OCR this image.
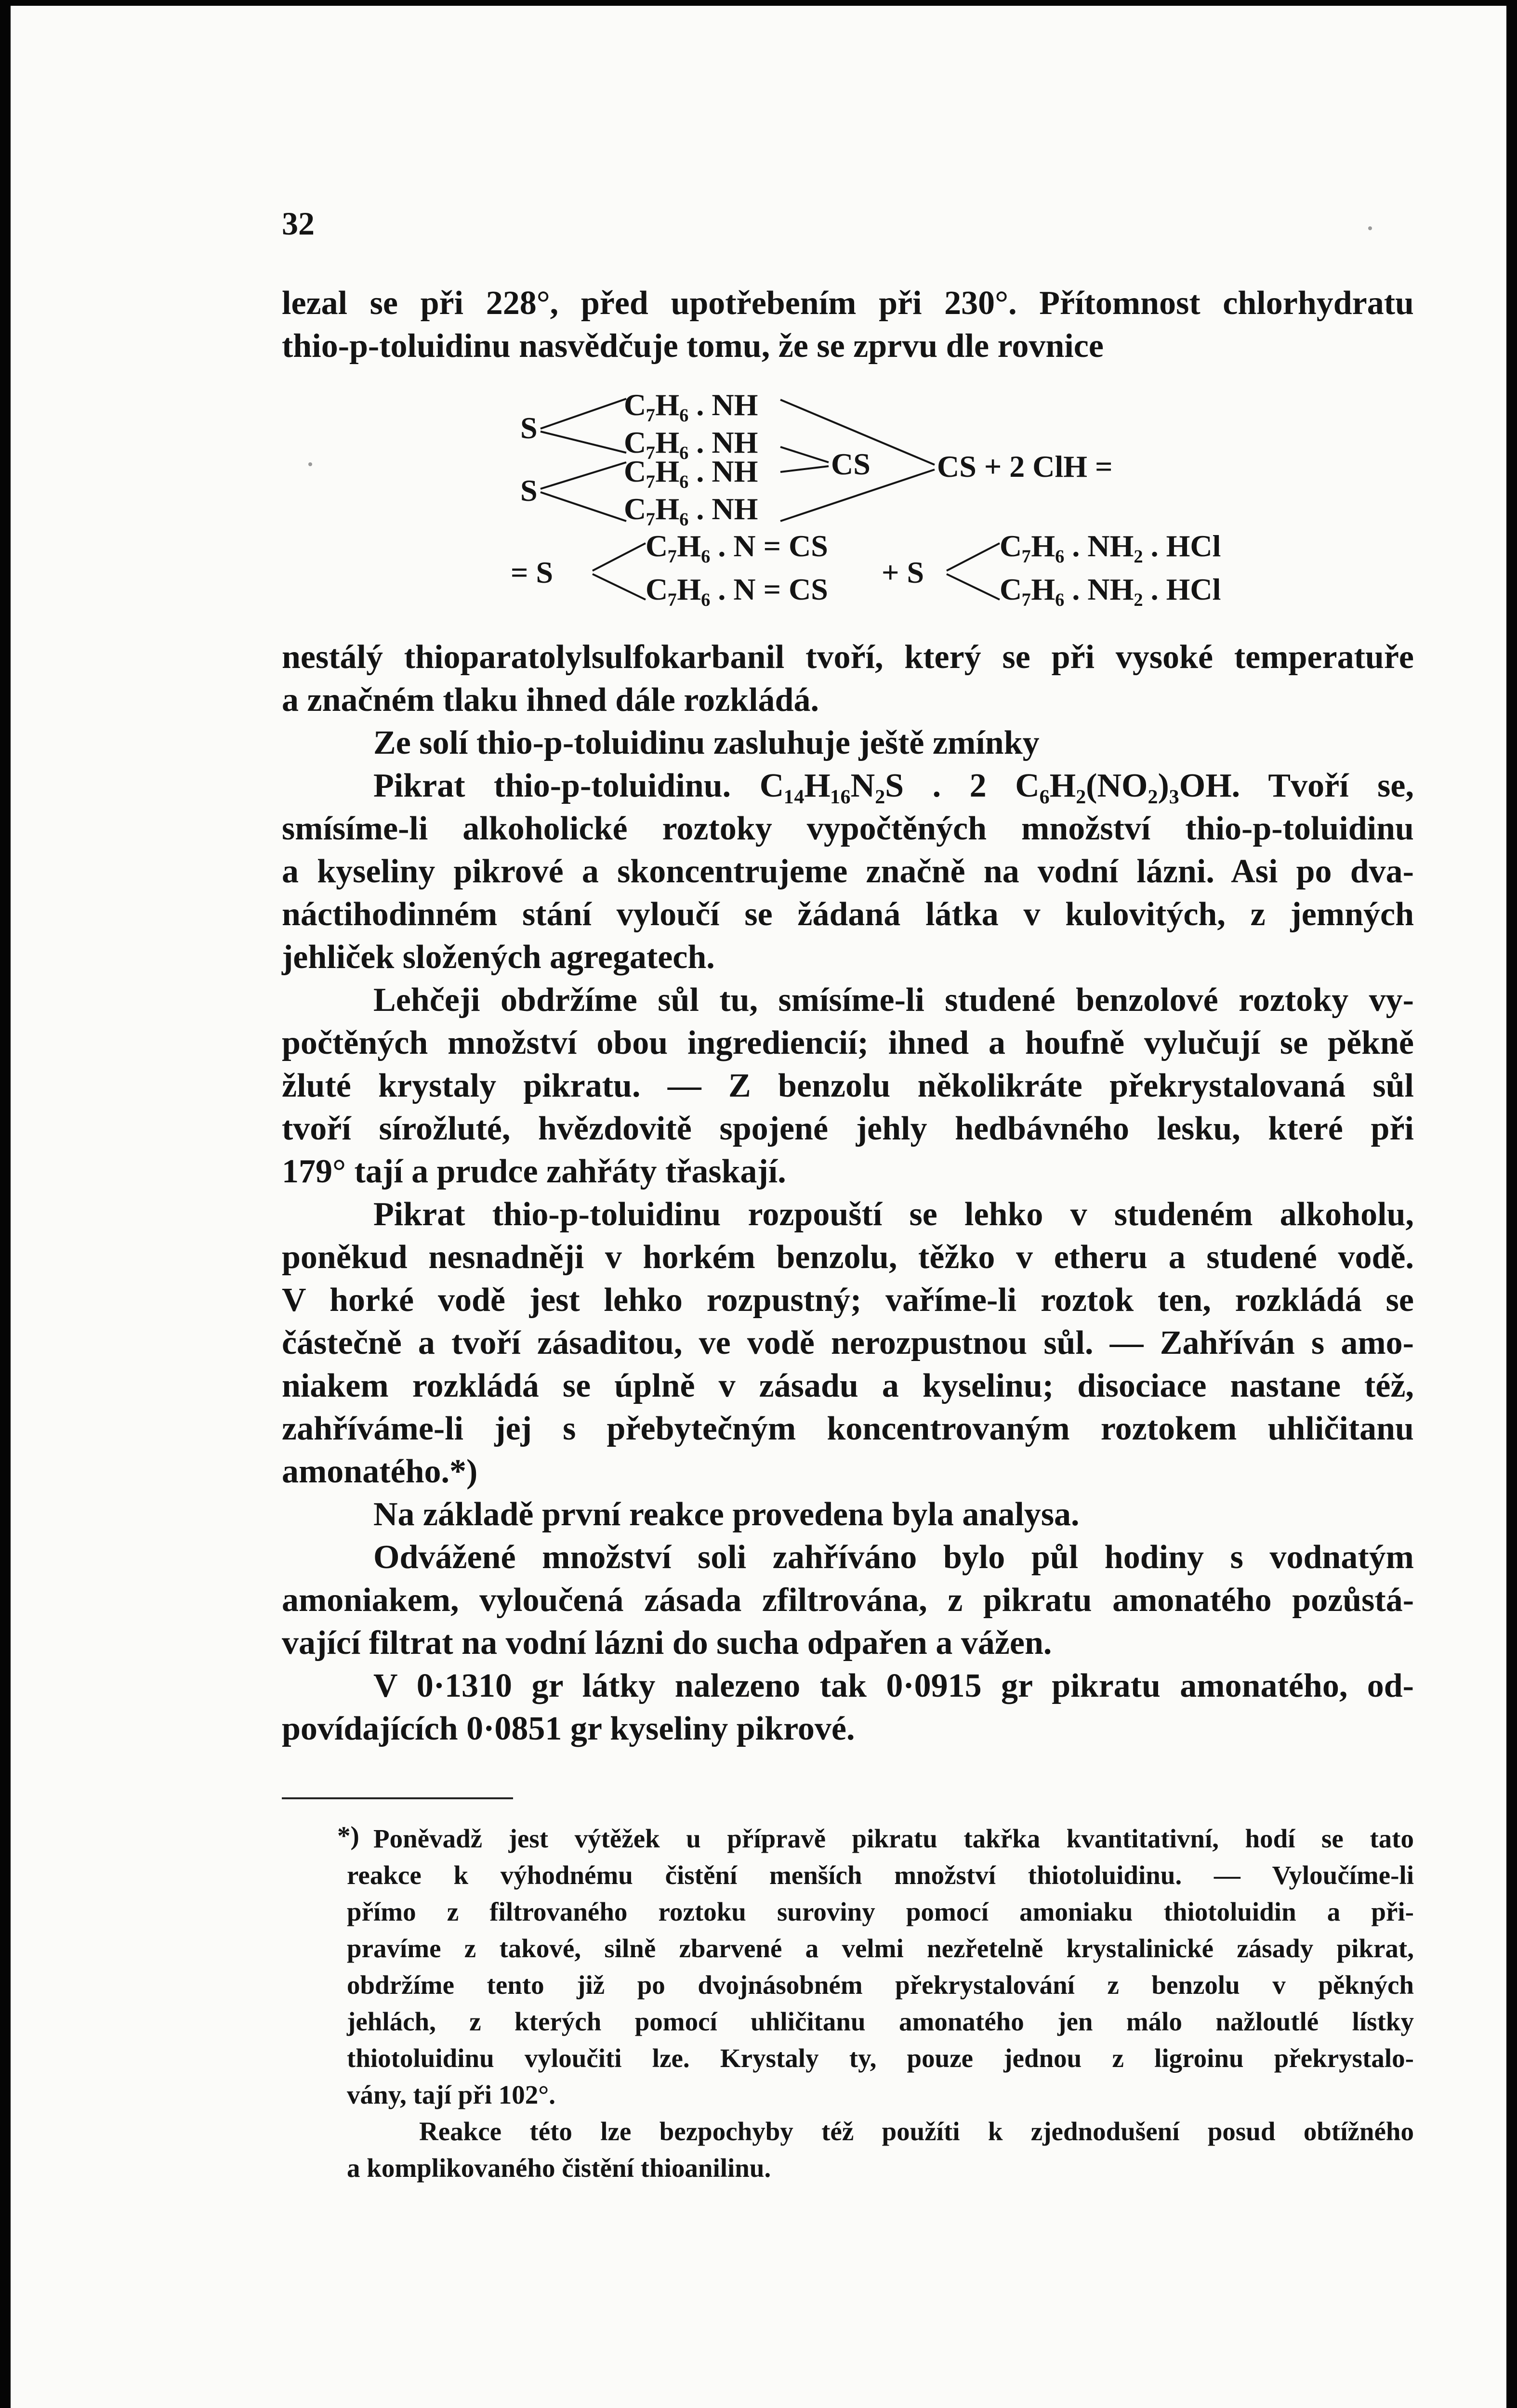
32

lezal se při 228°, před upotřebením při 230°. Přítomnost chlorhydratu

thio-p-toluidinu nasvědčuje tomu, že se zprvu dle rovnice

S
C₇H₆ . NH
C₇H₆ . NH
S
C₇H₆ . NH
C₇H₆ . NH
CS CS + 2 ClH =
= S
C₇H₆ . N = CS
C₇H₆ . N = CS + S
C₇H₆ . NH₂ . HCl
C₇H₆ . NH₂ . HCl

nestálý thioparatolylsulfokarbanil tvoří, který se při vysoké temperatuře

a značném tlaku ihned dále rozkládá.

Ze solí thio-p-toluidinu zasluhuje ještě zmínky

Pikrat thio-p-toluidinu. C₁₄H₁₆N₂S . 2 C₆H₂(NO₂)₃OH. Tvoří se,

smísíme-li alkoholické roztoky vypočtěných množství thio-p-toluidinu

a kyseliny pikrové a skoncentrujeme značně na vodní lázni. Asi po dva-

náctihodinném stání vyloučí se žádaná látka v kulovitých, z jemných

jehliček složených agregatech.

Lehčeji obdržíme sůl tu, smísíme-li studené benzolové roztoky vy-

počtěných množství obou ingrediencií; ihned a houfně vylučují se pěkně

žluté krystaly pikratu. — Z benzolu několikráte překrystalovaná sůl

tvoří sírožluté, hvězdovitě spojené jehly hedbávného lesku, které při

179° tají a prudce zahřáty třaskají.

Pikrat thio-p-toluidinu rozpouští se lehko v studeném alkoholu,

poněkud nesnadněji v horkém benzolu, těžko v etheru a studené vodě.

V horké vodě jest lehko rozpustný; vaříme-li roztok ten, rozkládá se

částečně a tvoří zásaditou, ve vodě nerozpustnou sůl. — Zahříván s amo-

niakem rozkládá se úplně v zásadu a kyselinu; disociace nastane též,

zahříváme-li jej s přebytečným koncentrovaným roztokem uhličitanu

amonatého.*)

Na základě první reakce provedena byla analysa.

Odvážené množství soli zahříváno bylo půl hodiny s vodnatým

amoniakem, vyloučená zásada zfiltrována, z pikratu amonatého pozůstá-

vající filtrat na vodní lázni do sucha odpařen a vážen.

V 0·1310 gr látky nalezeno tak 0·0915 gr pikratu amonatého, od-

povídajících 0·0851 gr kyseliny pikrové.

*) Poněvadž jest výtěžek u přípravě pikratu takřka kvantitativní, hodí se tato
reakce k výhodnému čistění menších množství thiotoluidinu. — Vyloučíme-li
přímo z filtrovaného roztoku suroviny pomocí amoniaku thiotoluidin a při-
pravíme z takové, silně zbarvené a velmi nezřetelně krystalinické zásady pikrat,
obdržíme tento již po dvojnásobném překrystalování z benzolu v pěkných
jehlách, z kterých pomocí uhličitanu amonatého jen málo nažloutlé lístky
thiotoluidinu vyloučiti lze. Krystaly ty, pouze jednou z ligroinu překrystalo-
vány, tají při 102°.
Reakce této lze bezpochyby též použíti k zjednodušení posud obtížného
a komplikovaného čistění thioanilinu.
